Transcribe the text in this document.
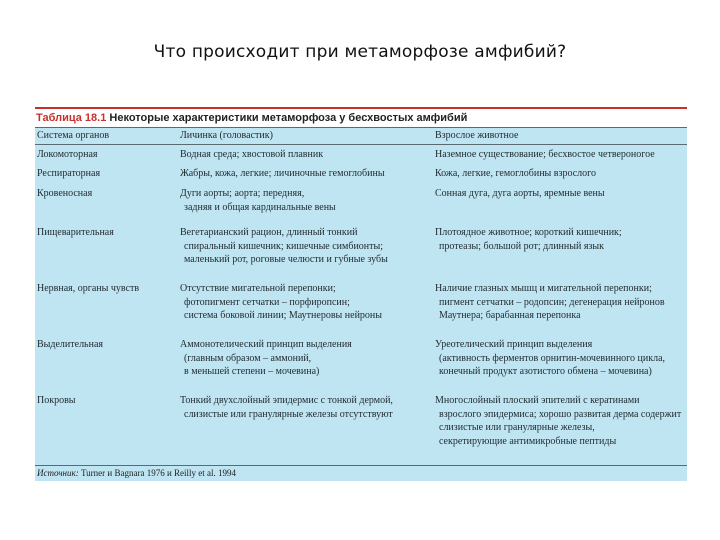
Что происходит при метаморфозе амфибий?
Таблица 18.1 Некоторые характеристики метаморфоза у бесхвостых амфибий
Система органов	Личинка (головастик)	Взрослое животное

Локомоторная	Водная среда; хвостовой плавник	Наземное существование; бесхвостое четвероногое

Респираторная	Жабры, кожа, легкие; личиночные гемоглобины	Кожа, легкие, гемоглобины взрослого

Кровеносная	Дуги аорты; аорта; передняя,
задняя и общая кардинальные вены	Сонная дуга, дуга аорты, яремные вены

Пищеварительная	Вегетарианский рацион, длинный тонкий
спиральный кишечник; кишечные симбионты;
маленький рот, роговые челюсти и губные зубы	Плотоядное животное; короткий кишечник;
протеазы; большой рот; длинный язык

Нервная, органы чувств	Отсутствие мигательной перепонки;
фотопигмент сетчатки – порфиропсин;
система боковой линии; Маутнеровы нейроны	Наличие глазных мышц и мигательной перепонки;
пигмент сетчатки – родопсин; дегенерация нейронов
Маутнера; барабанная перепонка

Выделительная	Аммонотелический принцип выделения
(главным образом – аммоний,
в меньшей степени – мочевина)	Уреотелический принцип выделения
(активность ферментов орнитин-мочевинного цикла,
конечный продукт азотистого обмена – мочевина)

Покровы	Тонкий двухслойный эпидермис с тонкой дермой,
слизистые или гранулярные железы отсутствуют	Многослойный плоский эпителий с кератинами
взрослого эпидермиса; хорошо развитая дерма содержит
слизистые или гранулярные железы,
секретирующие антимикробные пептиды
Источник: Turner и Bagnara 1976 и Reilly et al. 1994
